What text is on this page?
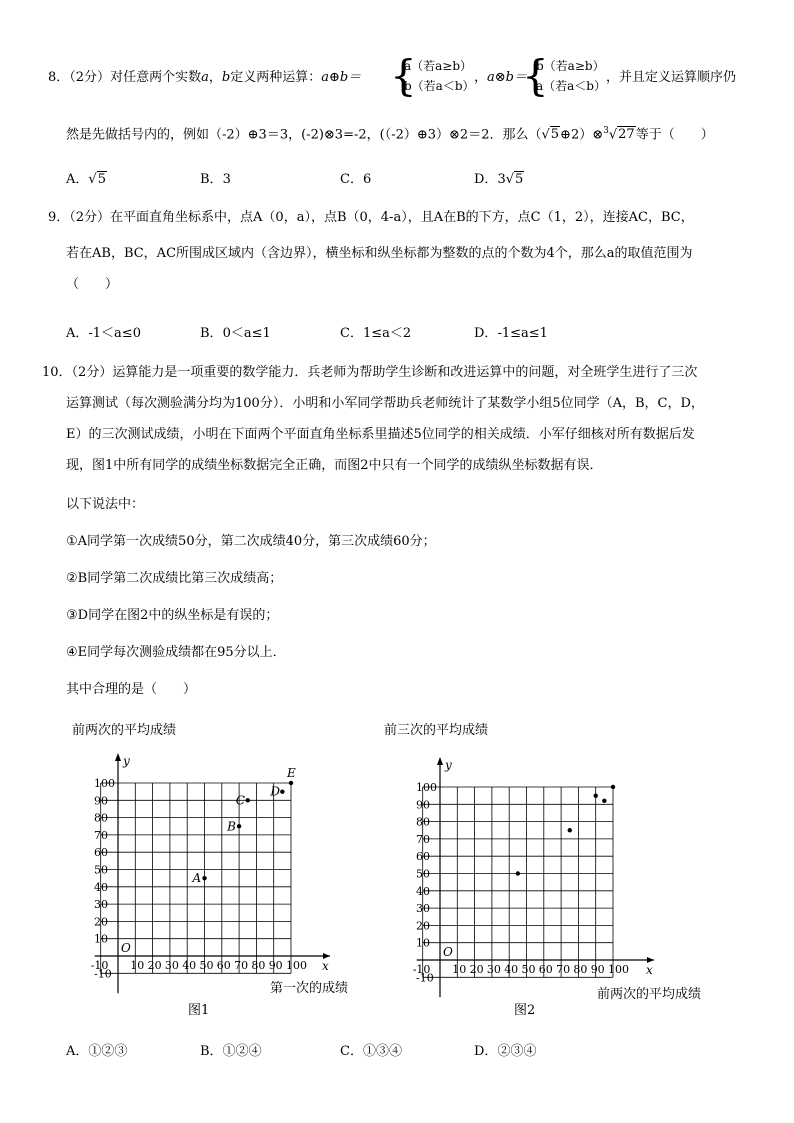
8．（2分）对任意两个实数a，b定义两种运算：a⊕b＝ {
a（若a≥b）
b（若a＜b）
，a⊗b＝
{
b（若a≥b）
a（若a＜b）
，并且定义运算顺序仍
然是先做括号内的，例如（-2）⊕3＝3，(-2)⊗3=-2，(（-2）⊕3）⊗2＝2．那么（√5⊕2）⊗$^3$√27等于（　　）
A．√5	B．3	C．6	D．3√5
9．（2分）在平面直角坐标系中，点A（0，a），点B（0，4-a），且A在B的下方，点C（1，2），连接AC，BC，
若在AB，BC，AC所围成区域内（含边界），横坐标和纵坐标都为整数的点的个数为4个，那么a的取值范围为
（　　）
A．-1＜a≤0	B．0＜a≤1	C．1≤a＜2	D．-1≤a≤1
10．（2分）运算能力是一项重要的数学能力．兵老师为帮助学生诊断和改进运算中的问题，对全班学生进行了三次
运算测试（每次测验满分均为100分）．小明和小军同学帮助兵老师统计了某数学小组5位同学（A，B，C，D，
E）的三次测试成绩，小明在下面两个平面直角坐标系里描述5位同学的相关成绩．小军仔细核对所有数据后发
现，图1中所有同学的成绩坐标数据完全正确，而图2中只有一个同学的成绩纵坐标数据有误．
以下说法中：
①A同学第一次成绩50分，第二次成绩40分，第三次成绩60分；
②B同学第二次成绩比第三次成绩高；
③D同学在图2中的纵坐标是有误的；
④E同学每次测验成绩都在95分以上．
其中合理的是（　　）
x
y
O
-10 10 20 30 40 50 60 70 80 90 100
-10
10
20
30
40
50
60
70
80
90
100
前两次的平均成绩
第一次的成绩
图1
A
B
C
D
E
x
y
O
-10 10 20 30 40 50 60 70 80 90 100
-10
10
20
30
40
50
60
70
80
90
100
前三次的平均成绩
前两次的平均成绩
图2
A．①②③	B．①②④	C．①③④	D．②③④
